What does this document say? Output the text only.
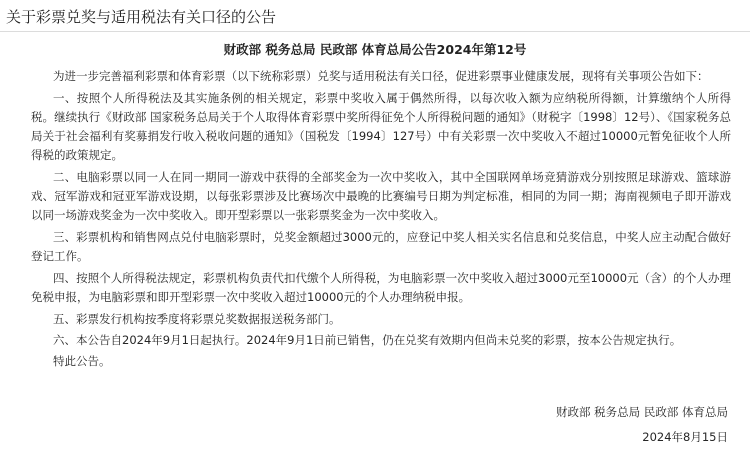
关于彩票兑奖与适用税法有关口径的公告
财政部 税务总局 民政部 体育总局公告2024年第12号

为进一步完善福利彩票和体育彩票（以下统称彩票）兑奖与适用税法有关口径，促进彩票事业健康发展，现将有关事项公告如下：

一、按照个人所得税法及其实施条例的相关规定，彩票中奖收入属于偶然所得，以每次收入额为应纳税所得额，计算缴纳个人所得税。继续执行《财政部 国家税务总局关于个人取得体育彩票中奖所得征免个人所得税问题的通知》（财税字〔1998〕12号）、《国家税务总局关于社会福利有奖募捐发行收入税收问题的通知》（国税发〔1994〕127号）中有关彩票一次中奖收入不超过10000元暂免征收个人所得税的政策规定。

二、电脑彩票以同一人在同一期同一游戏中获得的全部奖金为一次中奖收入，其中全国联网单场竞猜游戏分别按照足球游戏、篮球游戏、冠军游戏和冠亚军游戏设期，以每张彩票涉及比赛场次中最晚的比赛编号日期为判定标准，相同的为同一期；海南视频电子即开游戏以同一场游戏奖金为一次中奖收入。即开型彩票以一张彩票奖金为一次中奖收入。

三、彩票机构和销售网点兑付电脑彩票时，兑奖金额超过3000元的，应登记中奖人相关实名信息和兑奖信息，中奖人应主动配合做好登记工作。

四、按照个人所得税法规定，彩票机构负责代扣代缴个人所得税，为电脑彩票一次中奖收入超过3000元至10000元（含）的个人办理免税申报，为电脑彩票和即开型彩票一次中奖收入超过10000元的个人办理纳税申报。

五、彩票发行机构按季度将彩票兑奖数据报送税务部门。

六、本公告自2024年9月1日起执行。2024年9月1日前已销售，仍在兑奖有效期内但尚未兑奖的彩票，按本公告规定执行。

特此公告。

财政部 税务总局 民政部 体育总局
2024年8月15日
